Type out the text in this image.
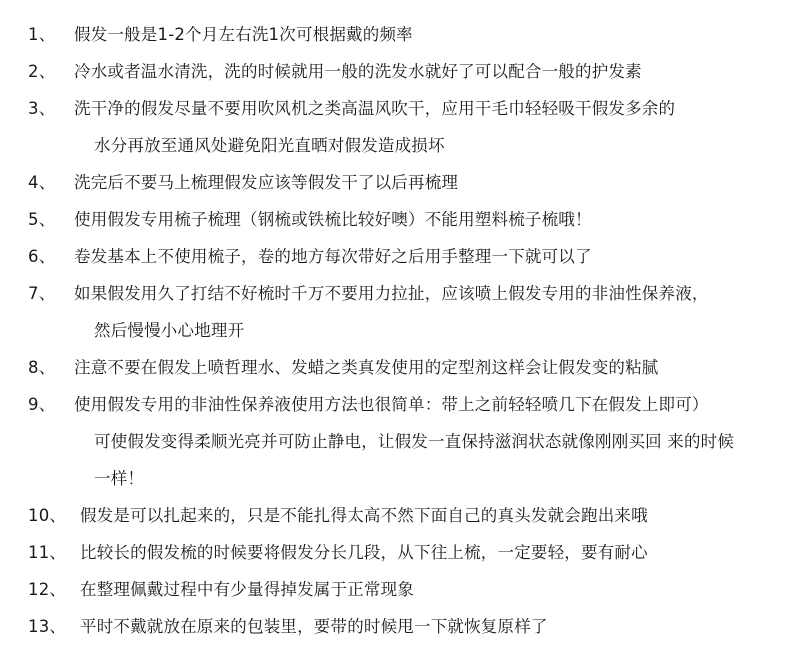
1、	假发一般是1-2个月左右洗1次可根据戴的频率
2、	冷水或者温水清洗，洗的时候就用一般的洗发水就好了可以配合一般的护发素
3、	洗干净的假发尽量不要用吹风机之类高温风吹干，应用干毛巾轻轻吸干假发多余的
水分再放至通风处避免阳光直晒对假发造成损坏
4、	洗完后不要马上梳理假发应该等假发干了以后再梳理
5、	使用假发专用梳子梳理（钢梳或铁梳比较好噢）不能用塑料梳子梳哦！
6、	卷发基本上不使用梳子，卷的地方每次带好之后用手整理一下就可以了
7、	如果假发用久了打结不好梳时千万不要用力拉扯，应该喷上假发专用的非油性保养液，
然后慢慢小心地理开
8、	注意不要在假发上喷哲理水、发蜡之类真发使用的定型剂这样会让假发变的粘腻
9、	使用假发专用的非油性保养液使用方法也很简单：带上之前轻轻喷几下在假发上即可）
可使假发变得柔顺光亮并可防止静电，让假发一直保持滋润状态就像刚刚买回 来的时候
一样！
10、 假发是可以扎起来的，只是不能扎得太高不然下面自己的真头发就会跑出来哦
11、 比较长的假发梳的时候要将假发分长几段，从下往上梳，一定要轻，要有耐心
12、 在整理佩戴过程中有少量得掉发属于正常现象
13、 平时不戴就放在原来的包装里，要带的时候甩一下就恢复原样了
